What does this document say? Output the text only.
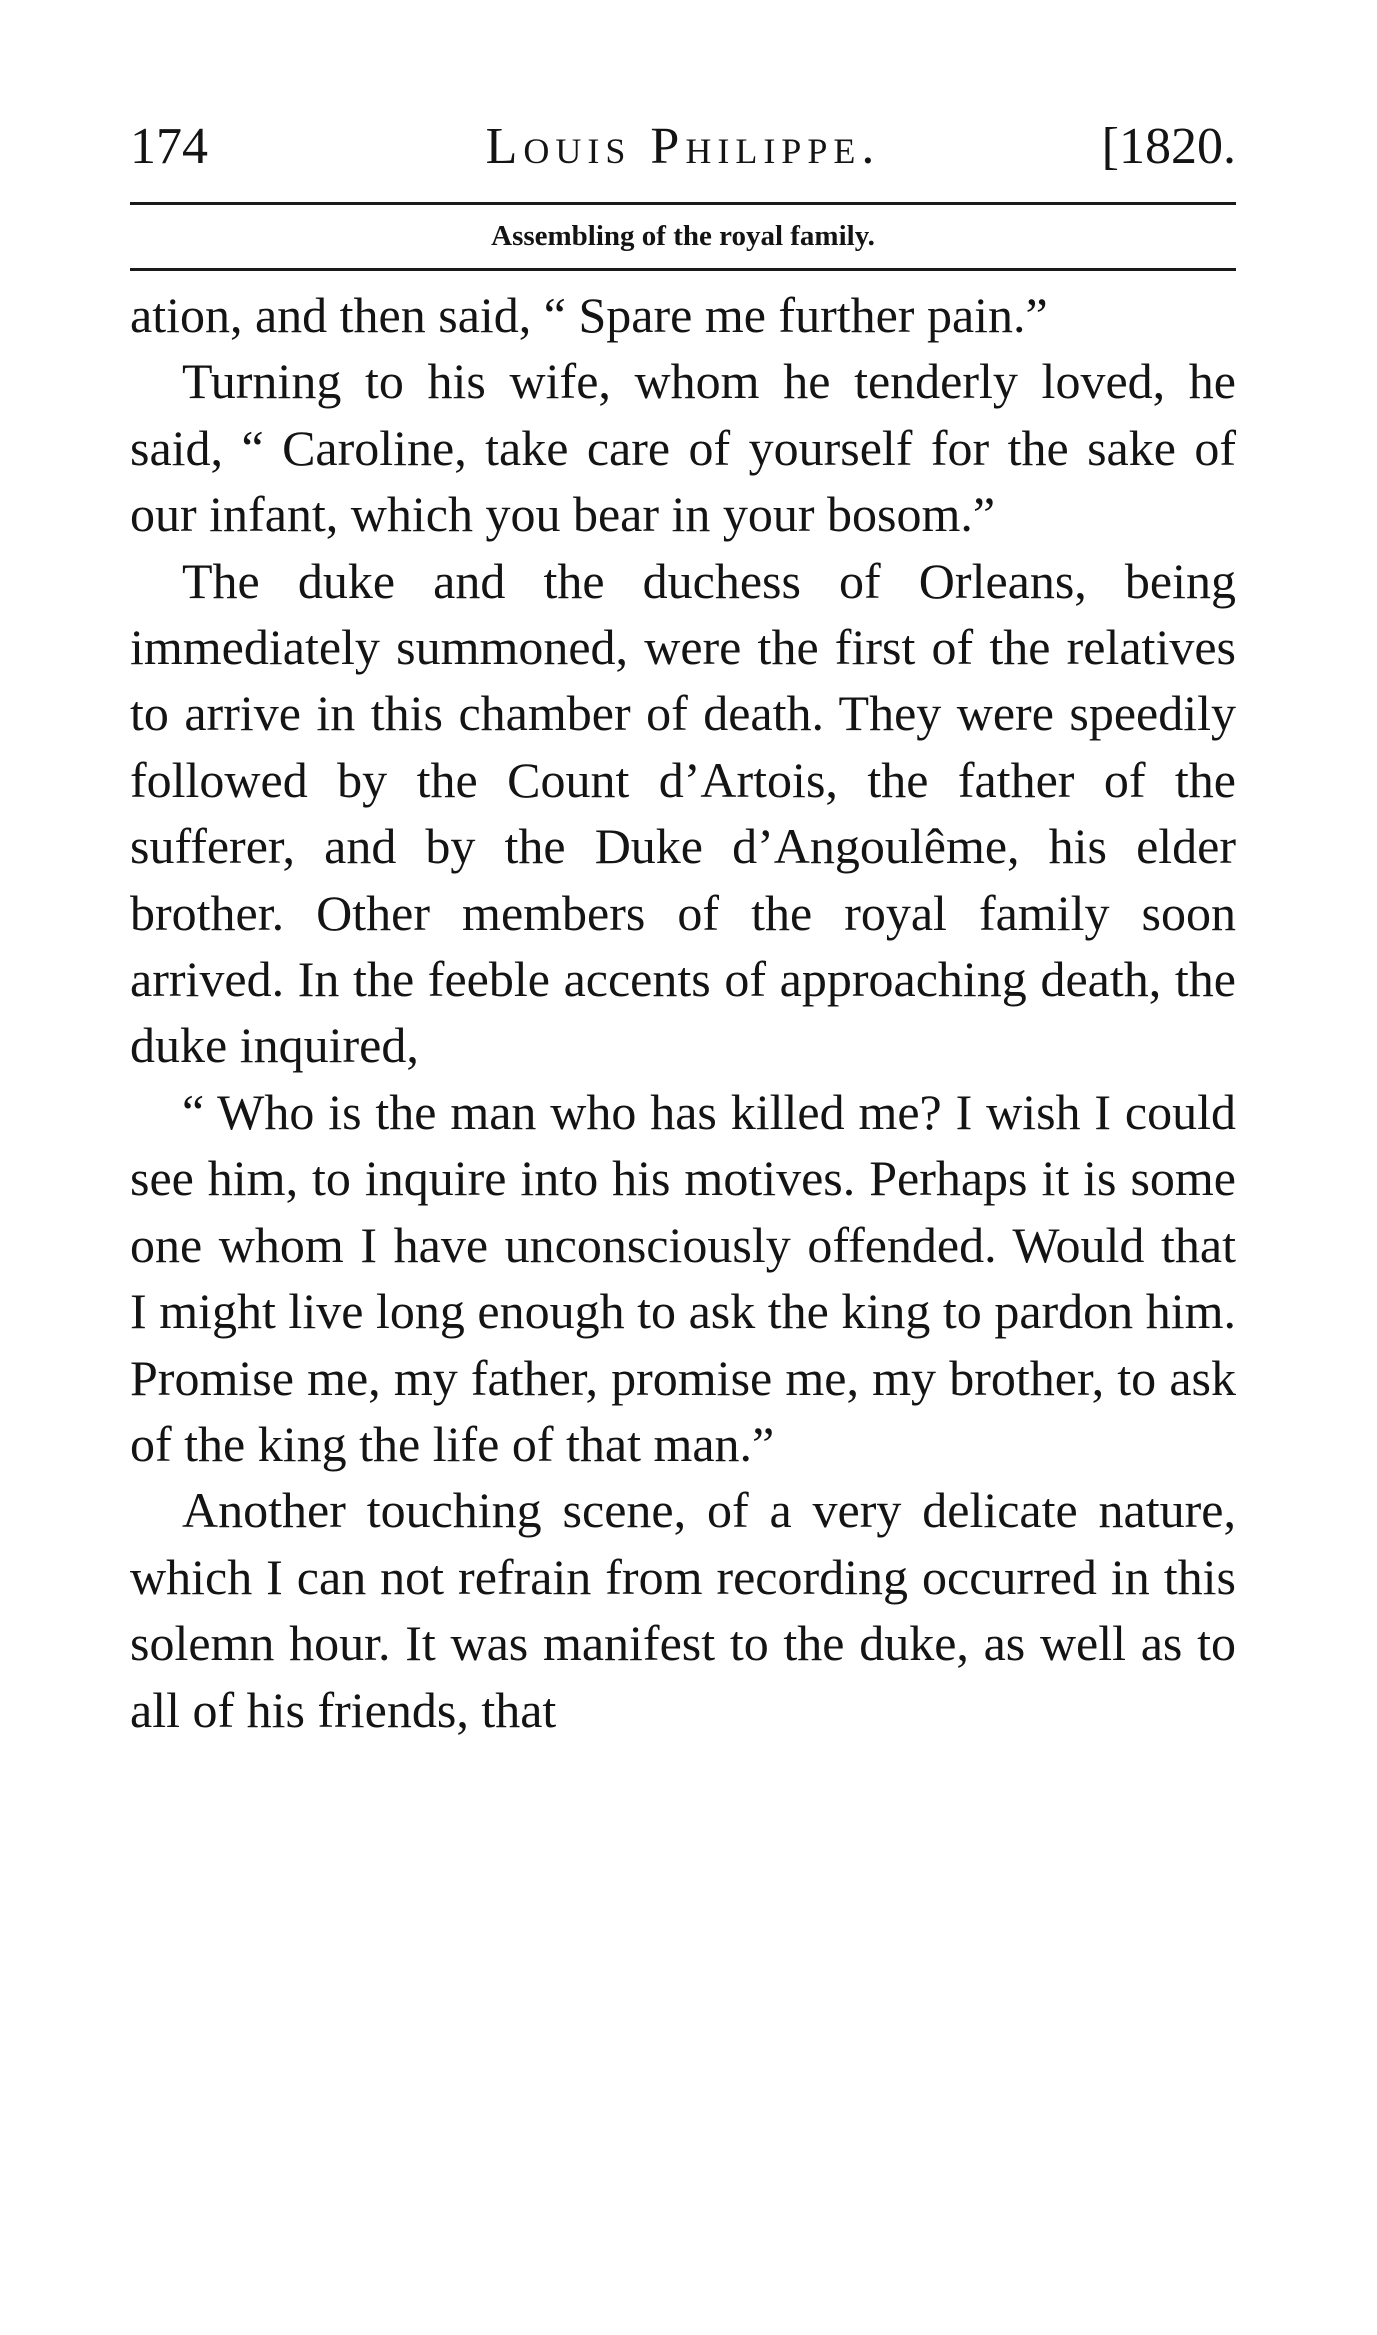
174	Louis Philippe.	[1820.
Assembling of the royal family.

ation, and then said, “ Spare me further pain.”

Turning to his wife, whom he tenderly loved, he said, “ Caroline, take care of yourself for the sake of our infant, which you bear in your bosom.”

The duke and the duchess of Orleans, being immediately summoned, were the first of the relatives to arrive in this chamber of death. They were speedily followed by the Count d’Artois, the father of the sufferer, and by the Duke d’Angoulême, his elder brother. Other members of the royal family soon arrived. In the feeble accents of approaching death, the duke inquired,

“ Who is the man who has killed me? I wish I could see him, to inquire into his motives. Perhaps it is some one whom I have unconsciously offended. Would that I might live long enough to ask the king to pardon him. Promise me, my father, promise me, my brother, to ask of the king the life of that man.”

Another touching scene, of a very delicate nature, which I can not refrain from recording occurred in this solemn hour. It was manifest to the duke, as well as to all of his friends, that
